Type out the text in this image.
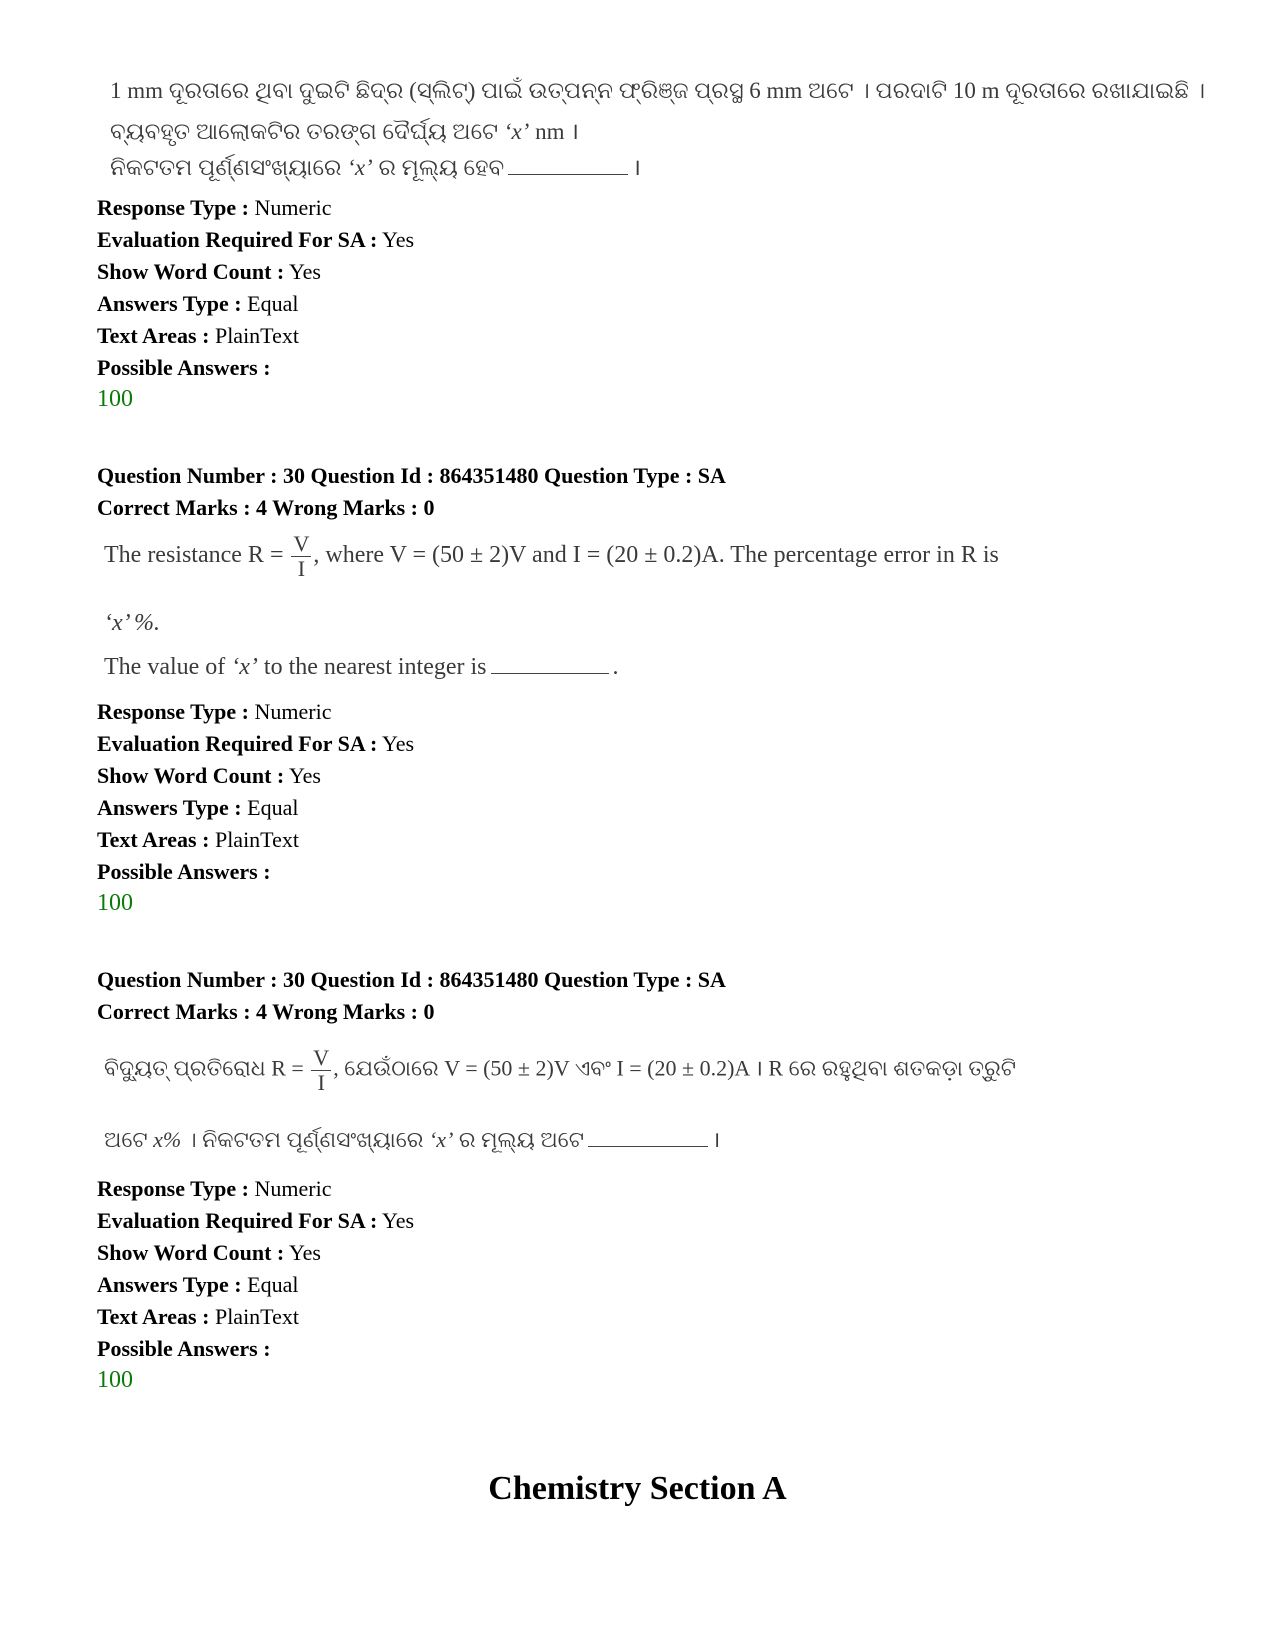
1 mm ଦୂରତାରେ ଥିବା ଦୁଇଟି ଛିଦ୍ର (ସ୍ଲିଟ୍) ପାଇଁ ଉତ୍ପନ୍ନ ଫ୍ରିଞ୍ଜ ପ୍ରସ୍ଥ 6 mm ଅଟେ । ପରଦାଟି 10 m ଦୂରତାରେ ରଖାଯାଇଛି ।
ବ୍ୟବହୃତ ଆଲୋକଟିର ତରଙ୍ଗ ଦୈର୍ଘ୍ୟ ଅଟେ ‘x’ nm ।
ନିକଟତମ ପୂର୍ଣ୍ଣସଂଖ୍ୟାରେ ‘x’ ର ମୂଲ୍ୟ ହେବ	।
Response Type : Numeric
Evaluation Required For SA : Yes
Show Word Count : Yes
Answers Type : Equal
Text Areas : PlainText
Possible Answers :
100
Question Number : 30 Question Id : 864351480 Question Type : SA
Correct Marks : 4 Wrong Marks : 0
The resistance $R = \frac{V}{I}$ , where V = (50 ± 2)V and I = (20 ± 0.2)A. The percentage error in R is
‘x’ %.
The value of ‘x’ to the nearest integer is	.
Response Type : Numeric
Evaluation Required For SA : Yes
Show Word Count : Yes
Answers Type : Equal
Text Areas : PlainText
Possible Answers :
100
Question Number : 30 Question Id : 864351480 Question Type : SA
Correct Marks : 4 Wrong Marks : 0
ବିଦ୍ୟୁତ୍ ପ୍ରତିରୋଧ $R = \frac{V}{I}$ , ଯେଉଁଠାରେ V = (50 ± 2)V ଏବଂ I = (20 ± 0.2)A । R ରେ ରହୁଥିବା ଶତକଡ଼ା ତ୍ରୁଟି
ଅଟେ x% । ନିକଟତମ ପୂର୍ଣ୍ଣସଂଖ୍ୟାରେ ‘x’ ର ମୂଲ୍ୟ ଅଟେ	।
Response Type : Numeric
Evaluation Required For SA : Yes
Show Word Count : Yes
Answers Type : Equal
Text Areas : PlainText
Possible Answers :
100
Chemistry Section A
